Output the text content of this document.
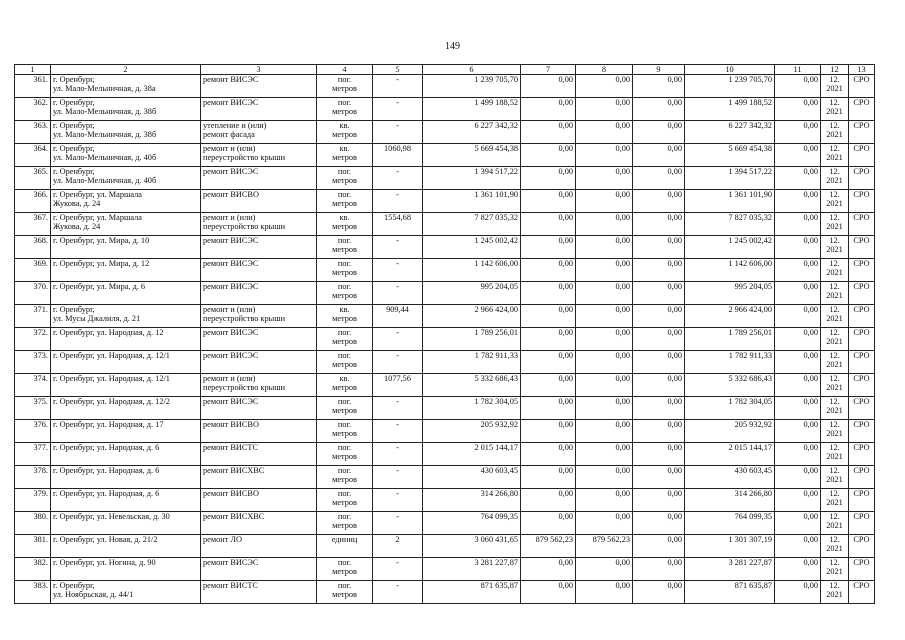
149
1	2	3	4	5	6	7	8	9	10	11	12	13
361.	г. Оренбург,
ул. Мало-Мельничная, д. 38а	ремонт ВИСЭС	пог.
метров	-	1 239 705,70	0,00	0,00	0,00	1 239 705,70	0,00	12.
2021	СРО
362.	г. Оренбург,
ул. Мало-Мельничная, д. 38б	ремонт ВИСЭС	пог.
метров	-	1 499 188,52	0,00	0,00	0,00	1 499 188,52	0,00	12.
2021	СРО
363.	г. Оренбург,
ул. Мало-Мельничная, д. 38б	утепление и (или)
ремонт фасада	кв.
метров	-	6 227 342,32	0,00	0,00	0,00	6 227 342,32	0,00	12.
2021	СРО
364.	г. Оренбург,
ул. Мало-Мельничная, д. 40б	ремонт и (или)
переустройство крыши	кв.
метров	1060,98	5 669 454,38	0,00	0,00	0,00	5 669 454,38	0,00	12.
2021	СРО
365.	г. Оренбург,
ул. Мало-Мельничная, д. 40б	ремонт ВИСЭС	пог.
метров	-	1 394 517,22	0,00	0,00	0,00	1 394 517,22	0,00	12.
2021	СРО
366.	г. Оренбург, ул. Маршала
Жукова, д. 24	ремонт ВИСВО	пог.
метров	-	1 361 101,90	0,00	0,00	0,00	1 361 101,90	0,00	12.
2021	СРО
367.	г. Оренбург, ул. Маршала
Жукова, д. 24	ремонт и (или)
переустройство крыши	кв.
метров	1554,68	7 827 035,32	0,00	0,00	0,00	7 827 035,32	0,00	12.
2021	СРО
368.	г. Оренбург, ул. Мира, д. 10	ремонт ВИСЭС	пог.
метров	-	1 245 002,42	0,00	0,00	0,00	1 245 002,42	0,00	12.
2021	СРО
369.	г. Оренбург, ул. Мира, д. 12	ремонт ВИСЭС	пог.
метров	-	1 142 606,00	0,00	0,00	0,00	1 142 606,00	0,00	12.
2021	СРО
370.	г. Оренбург, ул. Мира, д. 6	ремонт ВИСЭС	пог.
метров	-	995 204,05	0,00	0,00	0,00	995 204,05	0,00	12.
2021	СРО
371.	г. Оренбург,
ул. Мусы Джалиля, д. 21	ремонт и (или)
переустройство крыши	кв.
метров	909,44	2 966 424,00	0,00	0,00	0,00	2 966 424,00	0,00	12.
2021	СРО
372.	г. Оренбург, ул. Народная, д. 12	ремонт ВИСЭС	пог.
метров	-	1 789 256,01	0,00	0,00	0,00	1 789 256,01	0,00	12.
2021	СРО
373.	г. Оренбург, ул. Народная, д. 12/1	ремонт ВИСЭС	пог.
метров	-	1 782 911,33	0,00	0,00	0,00	1 782 911,33	0,00	12.
2021	СРО
374.	г. Оренбург, ул. Народная, д. 12/1	ремонт и (или)
переустройство крыши	кв.
метров	1077,56	5 332 686,43	0,00	0,00	0,00	5 332 686,43	0,00	12.
2021	СРО
375.	г. Оренбург, ул. Народная, д. 12/2	ремонт ВИСЭС	пог.
метров	-	1 782 304,05	0,00	0,00	0,00	1 782 304,05	0,00	12.
2021	СРО
376.	г. Оренбург, ул. Народная, д. 17	ремонт ВИСВО	пог.
метров	-	205 932,92	0,00	0,00	0,00	205 932,92	0,00	12.
2021	СРО
377.	г. Оренбург, ул. Народная, д. 6	ремонт ВИСТС	пог.
метров	-	2 015 144,17	0,00	0,00	0,00	2 015 144,17	0,00	12.
2021	СРО
378.	г. Оренбург, ул. Народная, д. 6	ремонт ВИСХВС	пог.
метров	-	430 603,45	0,00	0,00	0,00	430 603,45	0,00	12.
2021	СРО
379.	г. Оренбург, ул. Народная, д. 6	ремонт ВИСВО	пог.
метров	-	314 266,80	0,00	0,00	0,00	314 266,80	0,00	12.
2021	СРО
380.	г. Оренбург, ул. Невельская, д. 30	ремонт ВИСХВС	пог.
метров	-	764 099,35	0,00	0,00	0,00	764 099,35	0,00	12.
2021	СРО
381.	г. Оренбург, ул. Новая, д. 21/2	ремонт ЛО	единиц	2	3 060 431,65	879 562,23	879 562,23	0,00	1 301 307,19	0,00	12.
2021	СРО
382.	г. Оренбург, ул. Ногина, д. 90	ремонт ВИСЭС	пог.
метров	-	3 281 227,87	0,00	0,00	0,00	3 281 227,87	0,00	12.
2021	СРО
383.	г. Оренбург,
ул. Ноябрьская, д. 44/1	ремонт ВИСТС	пог.
метров	-	871 635,87	0,00	0,00	0,00	871 635,87	0,00	12.
2021	СРО
